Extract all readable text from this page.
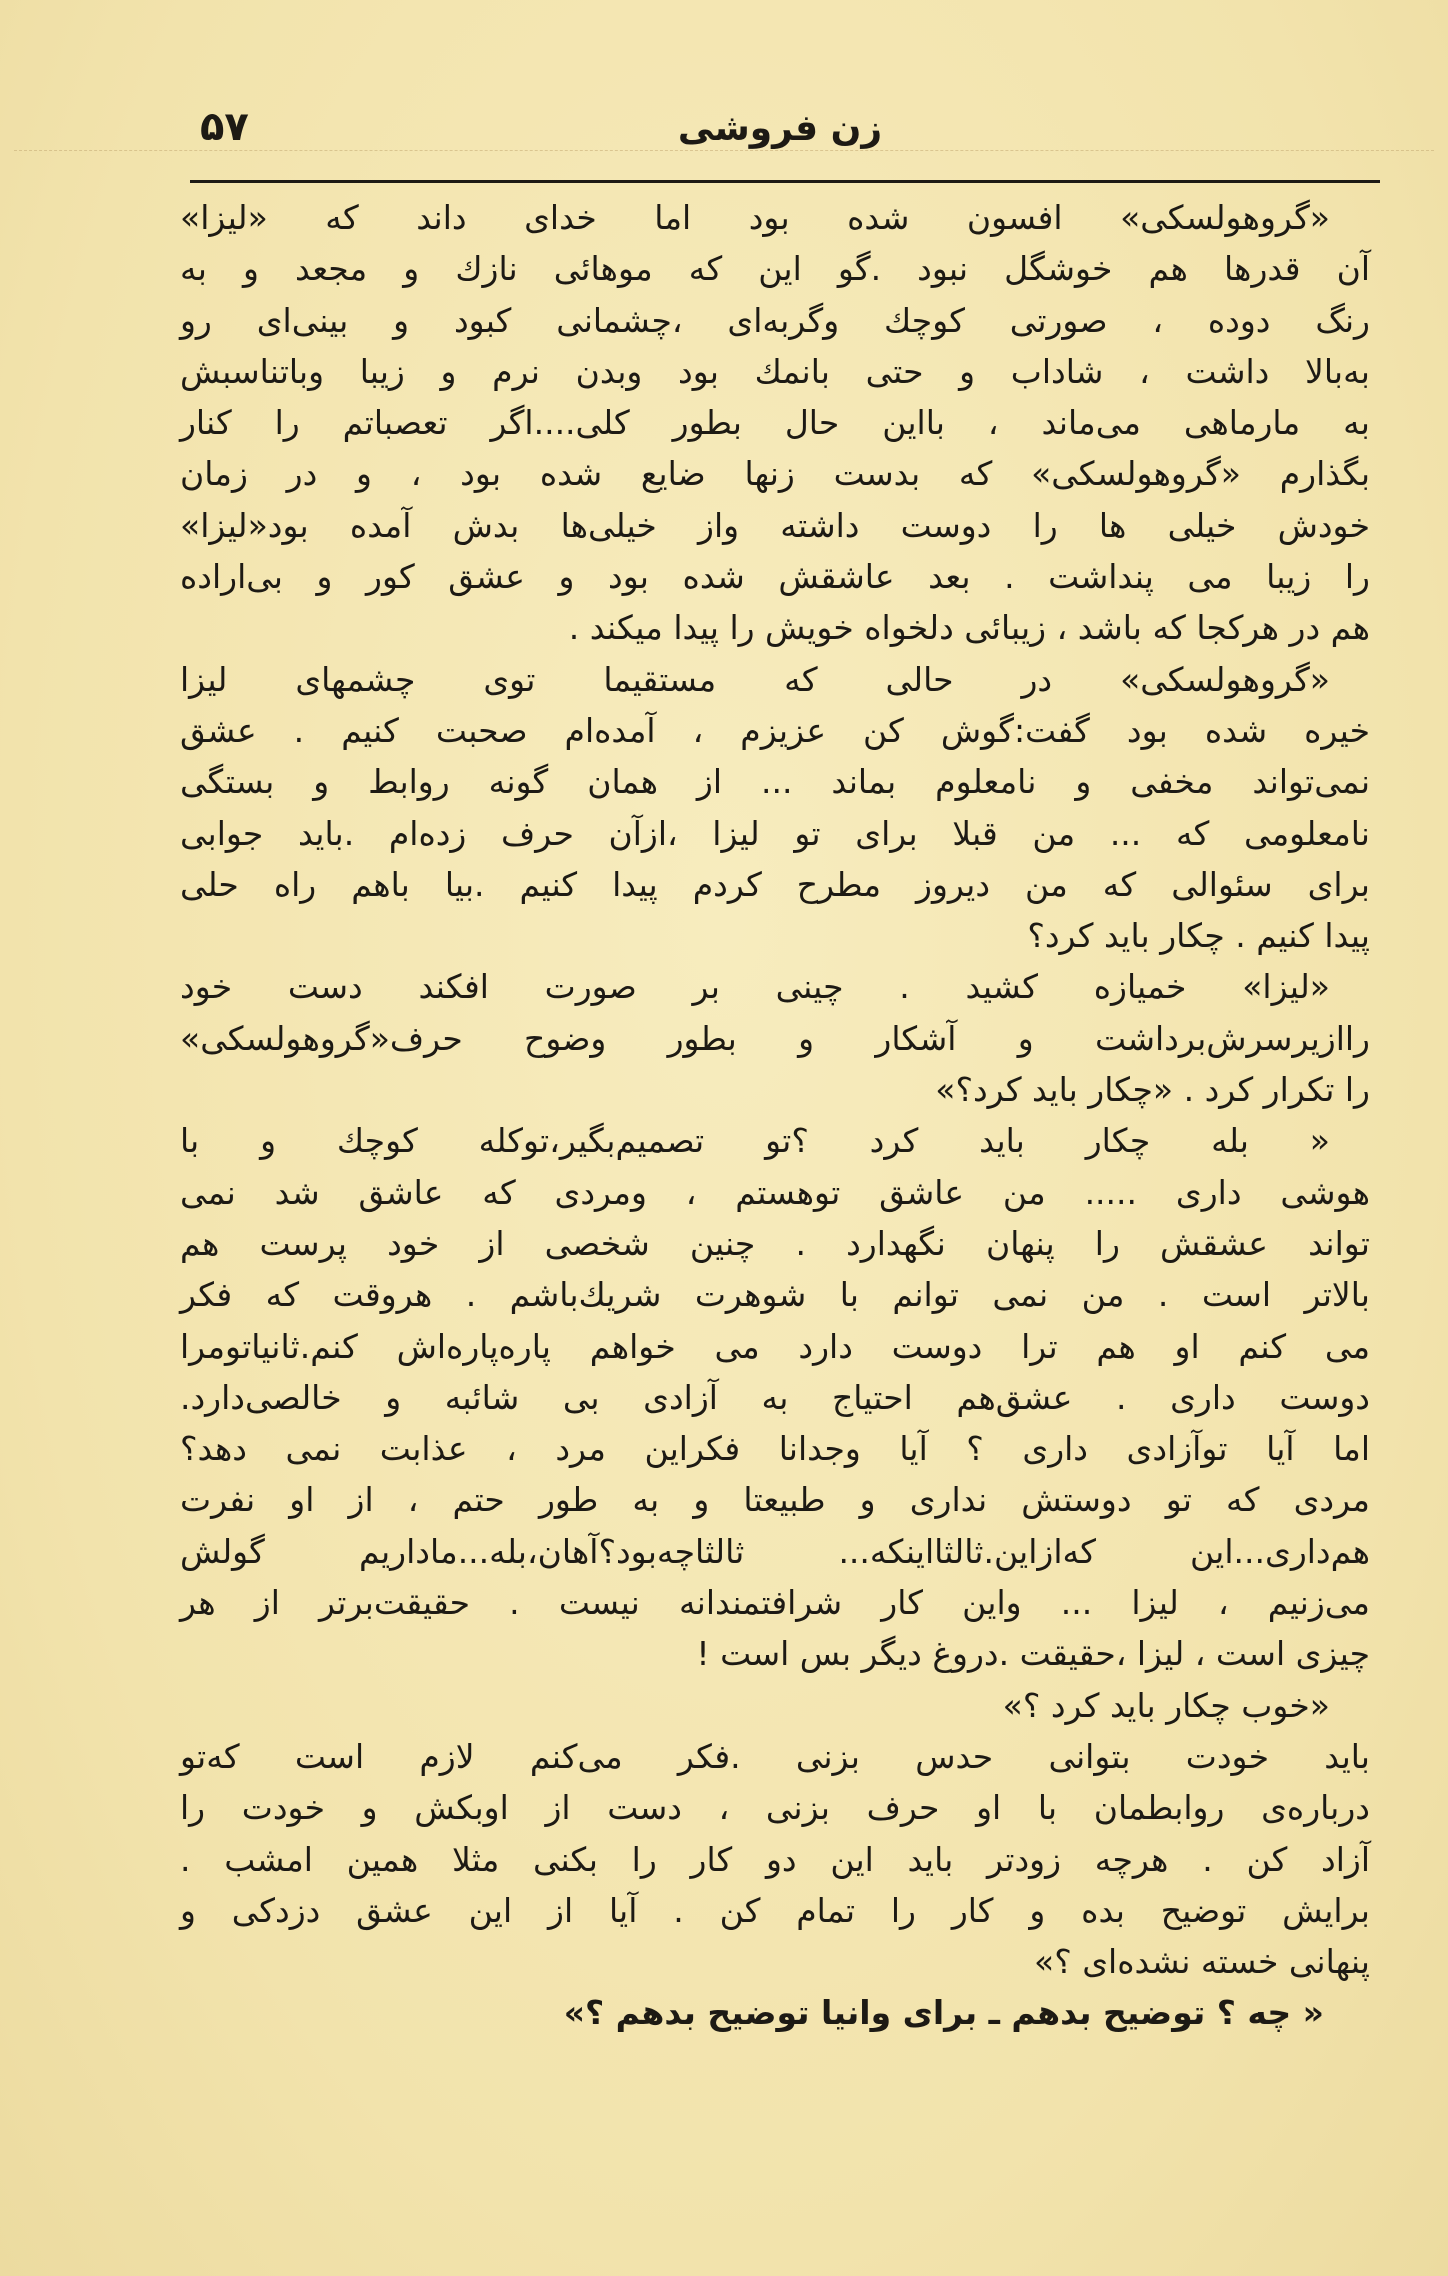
۵۷	زن فروشی
«گروهولسکی» افسون شده بود اما خدای داند که «لیزا»
آن قدرها هم خوشگل نبود .گو این که موهائی نازك و مجعد و به
رنگ دوده ، صورتی کوچك وگربه‌ای ،چشمانی کبود و بینی‌ای رو
به‌بالا داشت ، شاداب و حتی بانمك بود وبدن نرم و زیبا وباتناسبش
به مارماهی می‌ماند ، بااین حال بطور کلی....اگر تعصباتم را کنار
بگذارم «گروهولسکی» که بدست زنها ضایع شده بود ، و در زمان
خودش خیلی ها را دوست داشته واز خیلی‌ها بدش آمده بود«لیزا»
را زیبا می پنداشت . بعد عاشقش شده بود و عشق کور و بی‌اراده
هم در هرکجا که باشد ، زیبائی دلخواه خویش را پیدا میکند .
«گروهولسکی» در حالی که مستقیما توی چشمهای لیزا
خیره شده بود گفت:گوش کن عزیزم ، آمده‌ام صحبت کنیم . عشق
نمی‌تواند مخفی و نامعلوم بماند ... از همان گونه روابط و بستگی
نامعلومی که ... من قبلا برای تو لیزا ،ازآن حرف زده‌ام .باید جوابی
برای سئوالی که من دیروز مطرح کردم پیدا کنیم .بیا باهم راه حلی
پیدا کنیم . چکار باید کرد؟
«لیزا» خمیازه کشید . چینی بر صورت افکند دست خود
راازیرسرش‌برداشت و آشکار و بطور وضوح حرف«گروهولسکی»
را تکرار کرد . «چکار باید کرد؟»
« بله چکار باید کرد ؟تو تصمیم‌بگیر،توکله کوچك و با
هوشی داری ..... من عاشق توهستم ، ومردی که عاشق شد نمی
تواند عشقش را پنهان نگهدارد . چنین شخصی از خود پرست هم
بالاتر است . من نمی توانم با شوهرت شریك‌باشم . هروقت که فکر
می کنم او هم ترا دوست دارد می خواهم پاره‌پاره‌اش کنم.ثانیاتومرا
دوست داری . عشق‌هم احتیاج به آزادی بی شائبه و خالصی‌دارد.
اما آیا توآزادی داری ؟ آیا وجدانا فکراین مرد ، عذابت نمی دهد؟
مردی که تو دوستش نداری و طبیعتا و به طور حتم ، از او نفرت
هم‌داری...این که‌ازاین.ثالثااینکه... ثالثاچه‌بود؟آهان،بله...ماداریم گولش
می‌زنیم ، لیزا ... واین کار شرافتمندانه نیست . حقیقت‌برتر از هر
چیزی است ، لیزا ،حقیقت .دروغ دیگر بس است !
«خوب چکار باید کرد ؟»
باید خودت بتوانی حدس بزنی .فکر می‌کنم لازم است که‌تو
درباره‌ی روابطمان با او حرف بزنی ، دست از اوبکش و خودت را
آزاد کن . هرچه زودتر باید این دو کار را بکنی مثلا همین امشب .
برایش توضیح بده و کار را تمام کن . آیا از این عشق دزدکی و
پنهانی خسته نشده‌ای ؟»
« چه ؟ توضیح بدهم ـ برای وانیا توضیح بدهم ؟»
